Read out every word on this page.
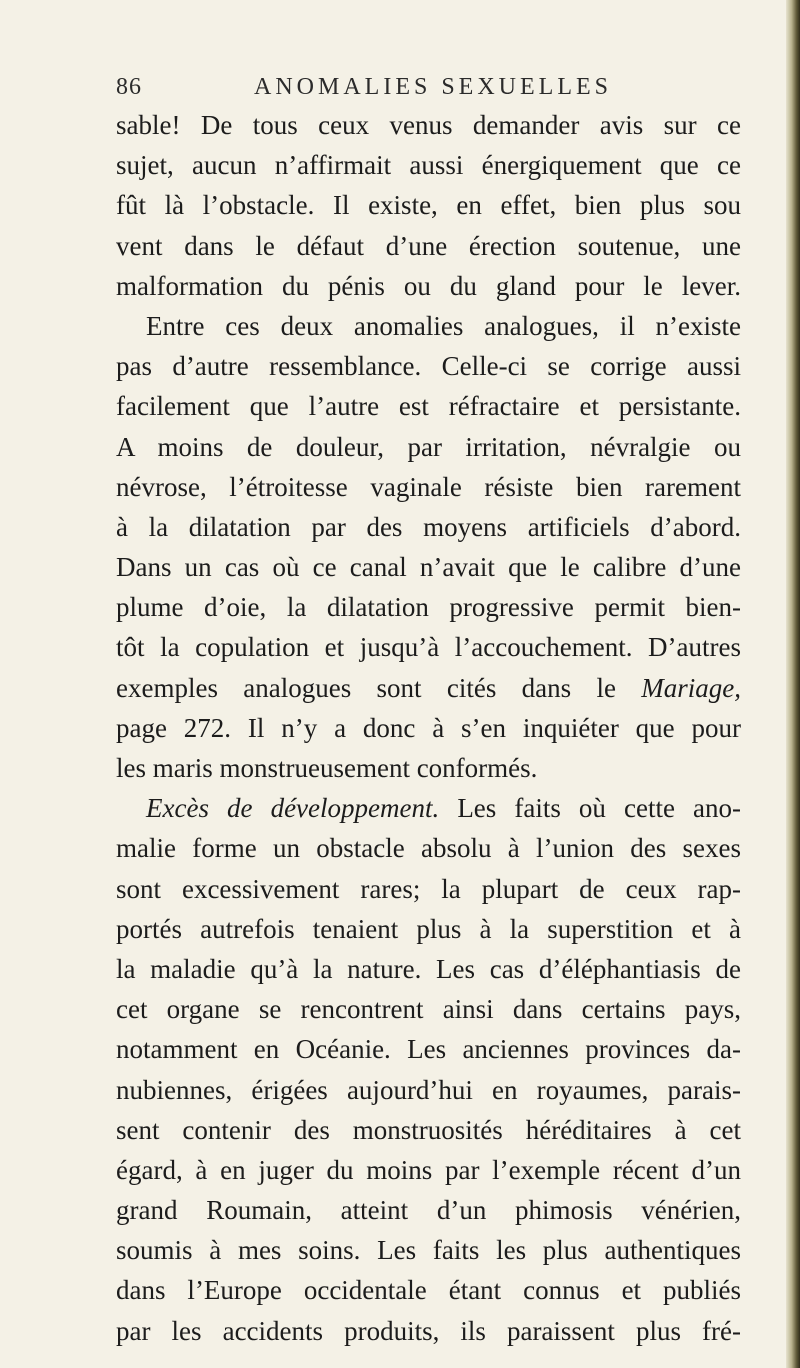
86	ANOMALIES SEXUELLES
sable! De tous ceux venus demander avis sur ce
sujet, aucun n’affirmait aussi énergiquement que ce
fût là l’obstacle. Il existe, en effet, bien plus sou
vent dans le défaut d’une érection soutenue, une
malformation du pénis ou du gland pour le lever.
Entre ces deux anomalies analogues, il n’existe
pas d’autre ressemblance. Celle-ci se corrige aussi
facilement que l’autre est réfractaire et persistante.
A moins de douleur, par irritation, névralgie ou
névrose, l’étroitesse vaginale résiste bien rarement
à la dilatation par des moyens artificiels d’abord.
Dans un cas où ce canal n’avait que le calibre d’une
plume d’oie, la dilatation progressive permit bien-
tôt la copulation et jusqu’à l’accouchement. D’autres
exemples analogues sont cités dans le Mariage,
page 272. Il n’y a donc à s’en inquiéter que pour
les maris monstrueusement conformés.
Excès de développement. Les faits où cette ano-
malie forme un obstacle absolu à l’union des sexes
sont excessivement rares; la plupart de ceux rap-
portés autrefois tenaient plus à la superstition et à
la maladie qu’à la nature. Les cas d’éléphantiasis de
cet organe se rencontrent ainsi dans certains pays,
notamment en Océanie. Les anciennes provinces da-
nubiennes, érigées aujourd’hui en royaumes, parais-
sent contenir des monstruosités héréditaires à cet
égard, à en juger du moins par l’exemple récent d’un
grand Roumain, atteint d’un phimosis vénérien,
soumis à mes soins. Les faits les plus authentiques
dans l’Europe occidentale étant connus et publiés
par les accidents produits, ils paraissent plus fré-
